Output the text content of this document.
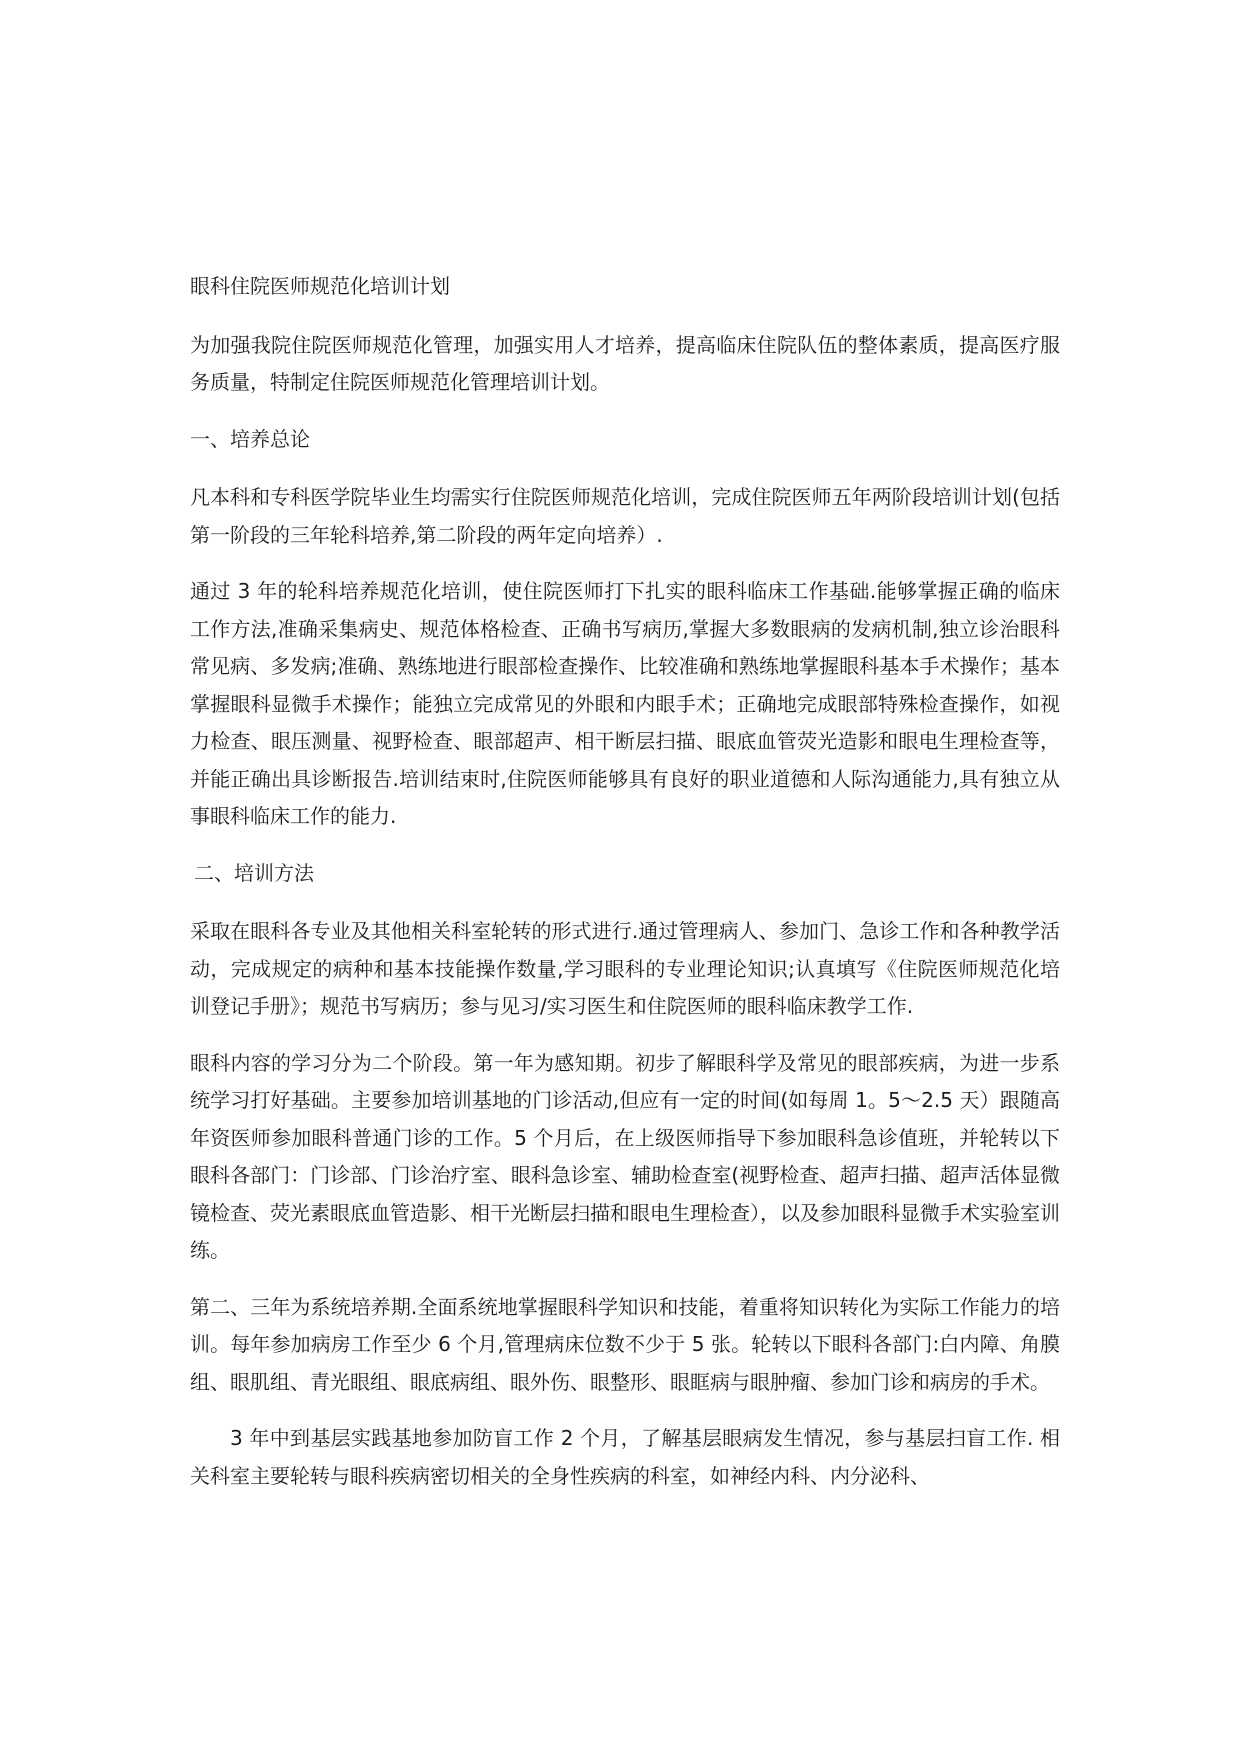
眼科住院医师规范化培训计划

为加强我院住院医师规范化管理，加强实用人才培养，提高临床住院队伍的整体素质，提高医疗服务质量，特制定住院医师规范化管理培训计划。

一、培养总论

凡本科和专科医学院毕业生均需实行住院医师规范化培训，完成住院医师五年两阶段培训计划(包括第一阶段的三年轮科培养,第二阶段的两年定向培养）.

通过 3 年的轮科培养规范化培训，使住院医师打下扎实的眼科临床工作基础.能够掌握正确的临床工作方法,准确采集病史、规范体格检查、正确书写病历,掌握大多数眼病的发病机制,独立诊治眼科常见病、多发病;准确、熟练地进行眼部检查操作、比较准确和熟练地掌握眼科基本手术操作；基本掌握眼科显微手术操作；能独立完成常见的外眼和内眼手术；正确地完成眼部特殊检查操作，如视力检查、眼压测量、视野检查、眼部超声、相干断层扫描、眼底血管荧光造影和眼电生理检查等，并能正确出具诊断报告.培训结束时,住院医师能够具有良好的职业道德和人际沟通能力,具有独立从事眼科临床工作的能力.

二、培训方法

采取在眼科各专业及其他相关科室轮转的形式进行.通过管理病人、参加门、急诊工作和各种教学活动，完成规定的病种和基本技能操作数量,学习眼科的专业理论知识;认真填写《住院医师规范化培训登记手册》；规范书写病历；参与见习/实习医生和住院医师的眼科临床教学工作.

眼科内容的学习分为二个阶段。第一年为感知期。初步了解眼科学及常见的眼部疾病，为进一步系统学习打好基础。主要参加培训基地的门诊活动,但应有一定的时间(如每周 1。5～2.5 天）跟随高年资医师参加眼科普通门诊的工作。5 个月后，在上级医师指导下参加眼科急诊值班，并轮转以下眼科各部门：门诊部、门诊治疗室、眼科急诊室、辅助检查室(视野检查、超声扫描、超声活体显微镜检查、荧光素眼底血管造影、相干光断层扫描和眼电生理检查），以及参加眼科显微手术实验室训练。

第二、三年为系统培养期.全面系统地掌握眼科学知识和技能，着重将知识转化为实际工作能力的培训。每年参加病房工作至少 6 个月,管理病床位数不少于 5 张。轮转以下眼科各部门:白内障、角膜组、眼肌组、青光眼组、眼底病组、眼外伤、眼整形、眼眶病与眼肿瘤、参加门诊和病房的手术。

3 年中到基层实践基地参加防盲工作 2 个月，了解基层眼病发生情况，参与基层扫盲工作. 相关科室主要轮转与眼科疾病密切相关的全身性疾病的科室，如神经内科、内分泌科、
